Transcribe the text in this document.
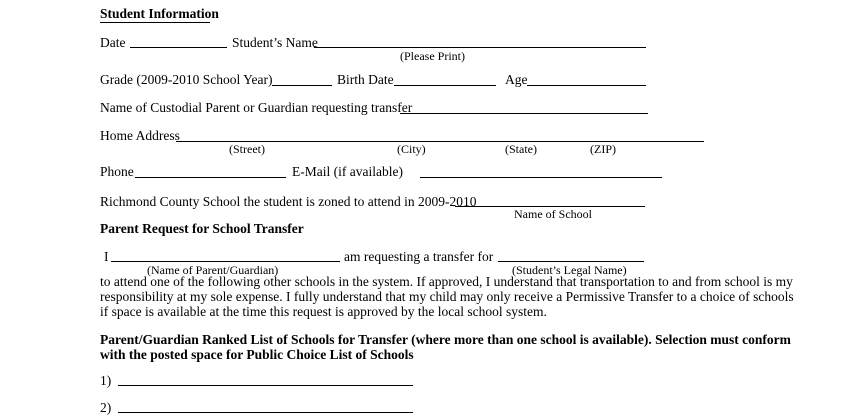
Student Information
Date	Student’s Name
(Please Print)
Grade (2009-2010 School Year)	Birth Date	Age
Name of Custodial Parent or Guardian requesting transfer
Home Address
(Street)	(City)	(State)	(ZIP)
Phone	E-Mail (if available)
Richmond County School the student is zoned to attend in 2009-2010
Name of School
Parent Request for School Transfer
I	am requesting a transfer for
(Name of Parent/Guardian)	(Student’s Legal Name)
to attend one of the following other schools in the system. If approved, I understand that transportation to and from school is my
responsibility at my sole expense. I fully understand that my child may only receive a Permissive Transfer to a choice of schools
if space is available at the time this request is approved by the local school system.
Parent/Guardian Ranked List of Schools for Transfer (where more than one school is available). Selection must conform
with the posted space for Public Choice List of Schools
1)
2)
